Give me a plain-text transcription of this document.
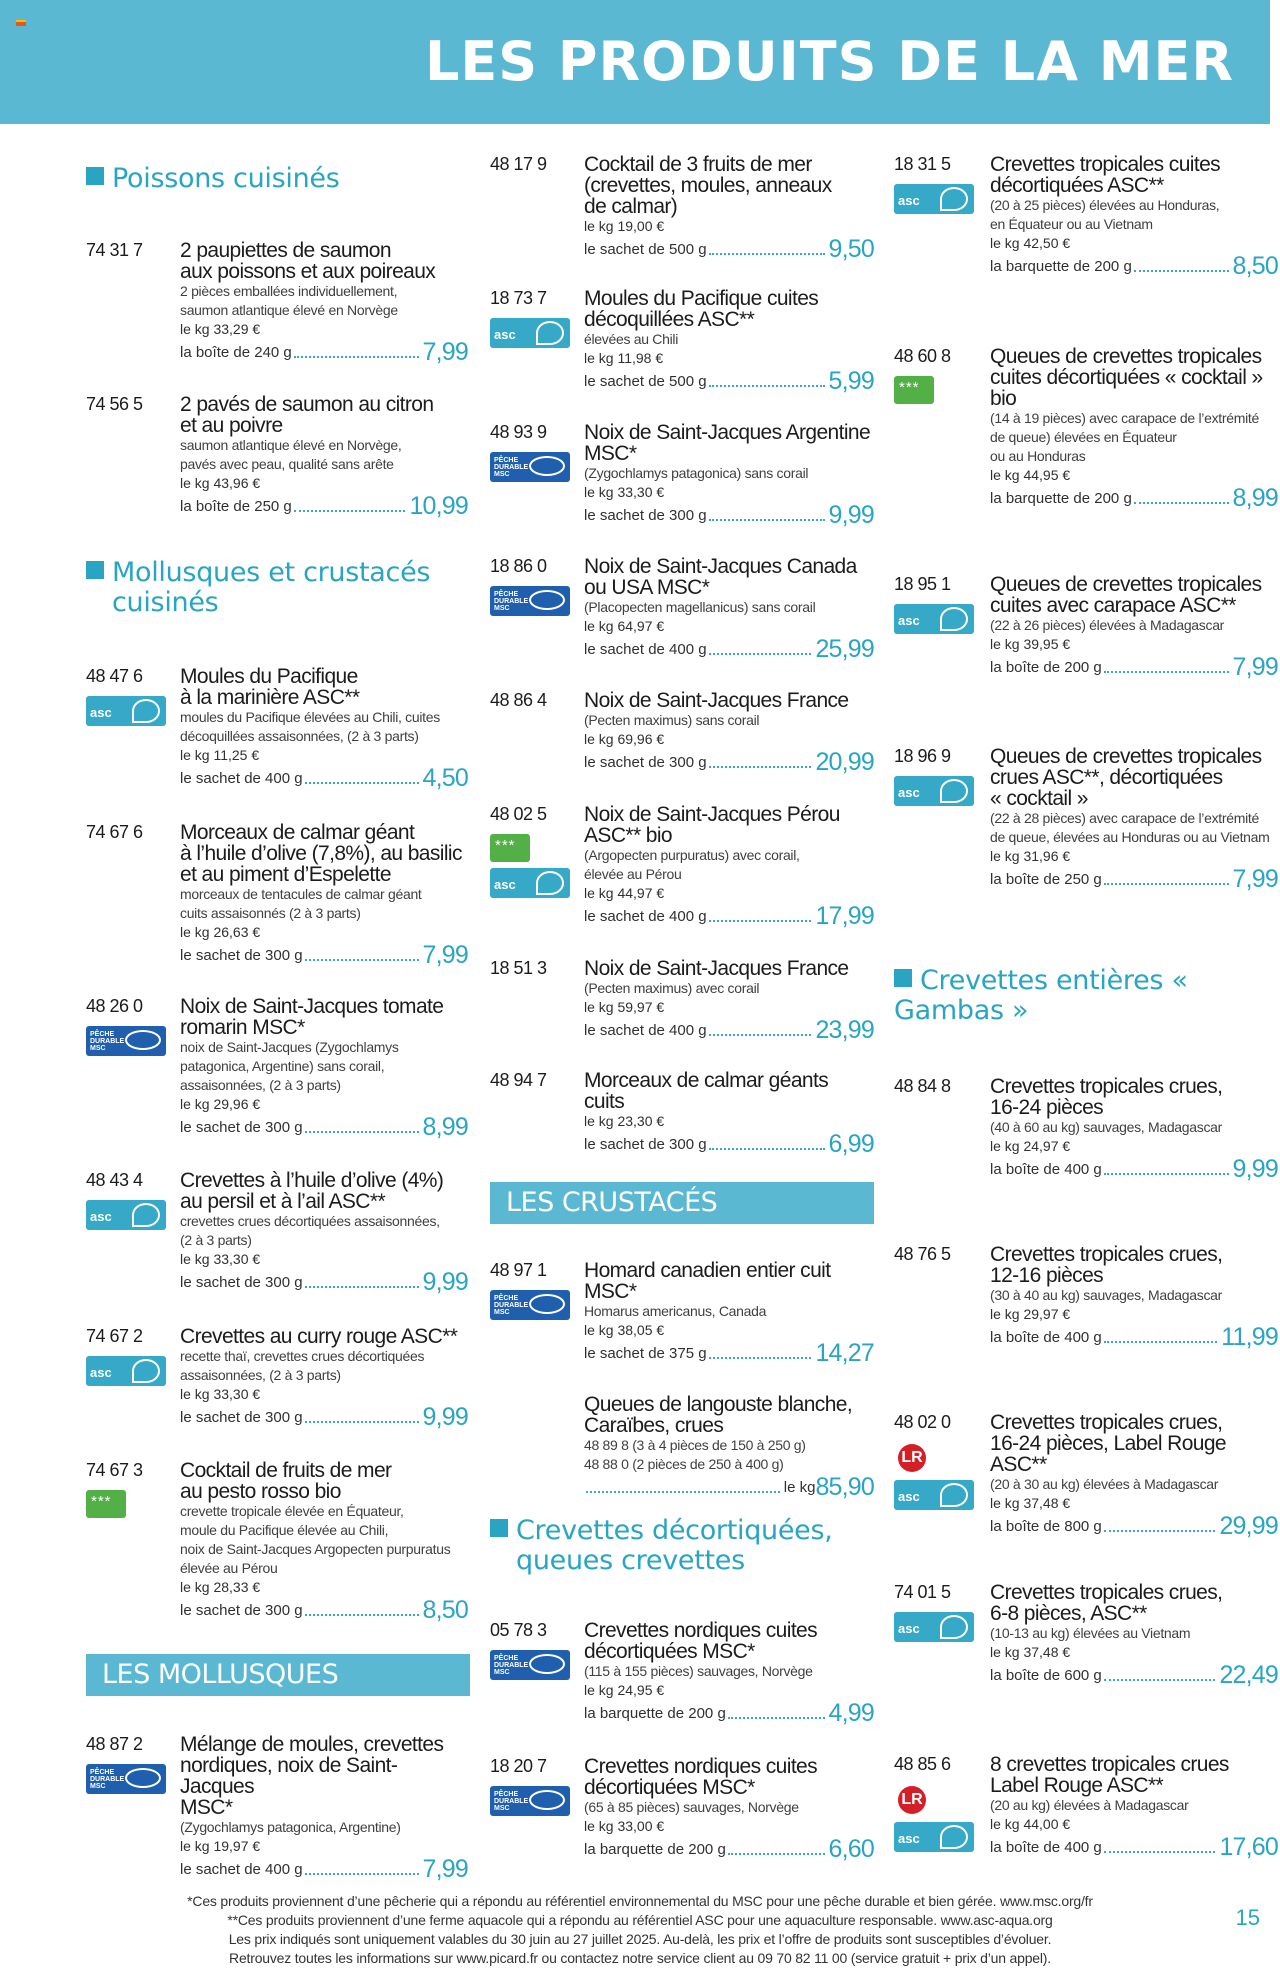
LES PRODUITS DE LA MER
Poissons cuisinés
74 31 7	2 paupiettes de saumon
aux poissons et aux poireaux
2 pièces emballées individuellement,
saumon atlantique élevé en Norvège
le kg 33,29 €
la boîte de 240 g	7,99
74 56 5	2 pavés de saumon au citron
et au poivre
saumon atlantique élevé en Norvège,
pavés avec peau, qualité sans arête
le kg 43,96 €
la boîte de 250 g	10,99
Mollusques et crustacés
cuisinés
48 47 6
asc
Moules du Pacifique
à la marinière ASC**
moules du Pacifique élevées au Chili, cuites
décoquillées assaisonnées, (2 à 3 parts)
le kg 11,25 €
le sachet de 400 g	4,50
74 67 6	Morceaux de calmar géant
à l’huile d’olive (7,8%), au basilic
et au piment d’Espelette
morceaux de tentacules de calmar géant
cuits assaisonnés (2 à 3 parts)
le kg 26,63 €
le sachet de 300 g	7,99
48 26 0
PÊCHE DURABLE MSC
Noix de Saint-Jacques tomate
romarin MSC*
noix de Saint-Jacques (Zygochlamys
patagonica, Argentine) sans corail,
assaisonnées, (2 à 3 parts)
le kg 29,96 €
le sachet de 300 g	8,99
48 43 4
asc
Crevettes à l’huile d’olive (4%)
au persil et à l’ail ASC**
crevettes crues décortiquées assaisonnées,
(2 à 3 parts)
le kg 33,30 €
le sachet de 300 g	9,99
74 67 2
asc
Crevettes au curry rouge ASC**
recette thaï, crevettes crues décortiquées
assaisonnées, (2 à 3 parts)
le kg 33,30 €
le sachet de 300 g	9,99
74 67 3
***
Cocktail de fruits de mer
au pesto rosso bio
crevette tropicale élevée en Équateur,
moule du Pacifique élevée au Chili,
noix de Saint-Jacques Argopecten purpuratus
élevée au Pérou
le kg 28,33 €
le sachet de 300 g	8,50
LES MOLLUSQUES
48 87 2
PÊCHE DURABLE MSC
Mélange de moules, crevettes
nordiques, noix de Saint-Jacques
MSC*
(Zygochlamys patagonica, Argentine)
le kg 19,97 €
le sachet de 400 g	7,99
48 17 9	Cocktail de 3 fruits de mer
(crevettes, moules, anneaux
de calmar)
le kg 19,00 €
le sachet de 500 g	9,50
18 73 7
asc
Moules du Pacifique cuites
décoquillées ASC**
élevées au Chili
le kg 11,98 €
le sachet de 500 g	5,99
48 93 9
PÊCHE DURABLE MSC
Noix de Saint-Jacques Argentine
MSC*
(Zygochlamys patagonica) sans corail
le kg 33,30 €
le sachet de 300 g	9,99
18 86 0
PÊCHE DURABLE MSC
Noix de Saint-Jacques Canada
ou USA MSC*
(Placopecten magellanicus) sans corail
le kg 64,97 €
le sachet de 400 g	25,99
48 86 4	Noix de Saint-Jacques France
(Pecten maximus) sans corail
le kg 69,96 €
le sachet de 300 g	20,99
48 02 5
***
asc
Noix de Saint-Jacques Pérou
ASC** bio
(Argopecten purpuratus) avec corail,
élevée au Pérou
le kg 44,97 €
le sachet de 400 g	17,99
18 51 3	Noix de Saint-Jacques France
(Pecten maximus) avec corail
le kg 59,97 €
le sachet de 400 g	23,99
48 94 7	Morceaux de calmar géants
cuits
le kg 23,30 €
le sachet de 300 g	6,99
LES CRUSTACÉS
48 97 1
PÊCHE DURABLE MSC
Homard canadien entier cuit
MSC*
Homarus americanus, Canada
le kg 38,05 €
le sachet de 375 g	14,27
Queues de langouste blanche,
Caraïbes, crues
48 89 8 (3 à 4 pièces de 150 à 250 g)
48 88 0 (2 pièces de 250 à 400 g)
le kg 85,90
Crevettes décortiquées,
queues crevettes
05 78 3
PÊCHE DURABLE MSC
Crevettes nordiques cuites
décortiquées MSC*
(115 à 155 pièces) sauvages, Norvège
le kg 24,95 €
la barquette de 200 g	4,99
18 20 7
PÊCHE DURABLE MSC
Crevettes nordiques cuites
décortiquées MSC*
(65 à 85 pièces) sauvages, Norvège
le kg 33,00 €
la barquette de 200 g	6,60
18 31 5
asc
Crevettes tropicales cuites
décortiquées ASC**
(20 à 25 pièces) élevées au Honduras,
en Équateur ou au Vietnam
le kg 42,50 €
la barquette de 200 g	8,50
48 60 8
***
Queues de crevettes tropicales
cuites décortiquées « cocktail »
bio
(14 à 19 pièces) avec carapace de l’extrémité
de queue) élevées en Équateur
ou au Honduras
le kg 44,95 €
la barquette de 200 g	8,99
18 95 1
asc
Queues de crevettes tropicales
cuites avec carapace ASC**
(22 à 26 pièces) élevées à Madagascar
le kg 39,95 €
la boîte de 200 g	7,99
18 96 9
asc
Queues de crevettes tropicales
crues ASC**, décortiquées
« cocktail »
(22 à 28 pièces) avec carapace de l’extrémité
de queue, élevées au Honduras ou au Vietnam
le kg 31,96 €
la boîte de 250 g	7,99
Crevettes entières « Gambas »
48 84 8	Crevettes tropicales crues,
16-24 pièces
(40 à 60 au kg) sauvages, Madagascar
le kg 24,97 €
la boîte de 400 g	9,99
48 76 5	Crevettes tropicales crues,
12-16 pièces
(30 à 40 au kg) sauvages, Madagascar
le kg 29,97 €
la boîte de 400 g	11,99
48 02 0
LR
asc
Crevettes tropicales crues,
16-24 pièces, Label Rouge ASC**
(20 à 30 au kg) élevées à Madagascar
le kg 37,48 €
la boîte de 800 g	29,99
74 01 5
asc
Crevettes tropicales crues,
6-8 pièces, ASC**
(10-13 au kg) élevées au Vietnam
le kg 37,48 €
la boîte de 600 g	22,49
48 85 6
LR
asc
8 crevettes tropicales crues
Label Rouge ASC**
(20 au kg) élevées à Madagascar
le kg 44,00 €
la boîte de 400 g	17,60
*Ces produits proviennent d’une pêcherie qui a répondu au référentiel environnemental du MSC pour une pêche durable et bien gérée. www.msc.org/fr
**Ces produits proviennent d’une ferme aquacole qui a répondu au référentiel ASC pour une aquaculture responsable. www.asc-aqua.org
Les prix indiqués sont uniquement valables du 30 juin au 27 juillet 2025. Au-delà, les prix et l’offre de produits sont susceptibles d’évoluer.
Retrouvez toutes les informations sur www.picard.fr ou contactez notre service client au 09 70 82 11 00 (service gratuit + prix d’un appel).
15
